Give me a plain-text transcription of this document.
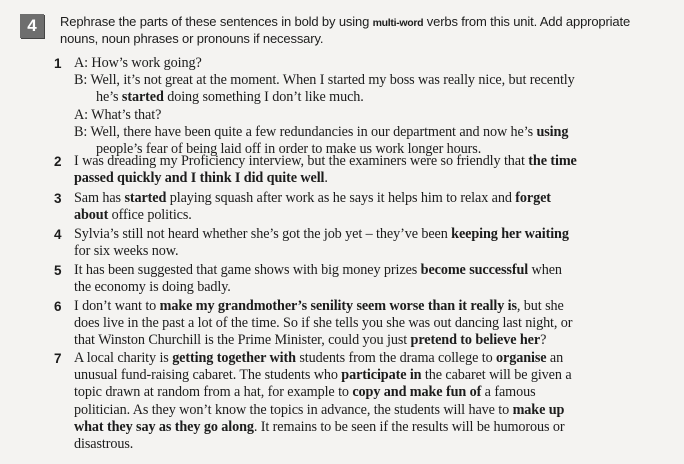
4	Rephrase the parts of these sentences in bold by using multi-word verbs from this unit. Add appropriate
nouns, noun phrases or pronouns if necessary.
1 A: How’s work going?
B: Well, it’s not great at the moment. When I started my boss was really nice, but recently
he’s started doing something I don’t like much.
A: What’s that?
B: Well, there have been quite a few redundancies in our department and now he’s using
people’s fear of being laid off in order to make us work longer hours.
2 I was dreading my Proficiency interview, but the examiners were so friendly that the time
passed quickly and I think I did quite well.
3 Sam has started playing squash after work as he says it helps him to relax and forget
about office politics.
4 Sylvia’s still not heard whether she’s got the job yet – they’ve been keeping her waiting
for six weeks now.
5 It has been suggested that game shows with big money prizes become successful when
the economy is doing badly.
6 I don’t want to make my grandmother’s senility seem worse than it really is, but she
does live in the past a lot of the time. So if she tells you she was out dancing last night, or
that Winston Churchill is the Prime Minister, could you just pretend to believe her?
7 A local charity is getting together with students from the drama college to organise an
unusual fund-raising cabaret. The students who participate in the cabaret will be given a
topic drawn at random from a hat, for example to copy and make fun of a famous
politician. As they won’t know the topics in advance, the students will have to make up
what they say as they go along. It remains to be seen if the results will be humorous or
disastrous.
